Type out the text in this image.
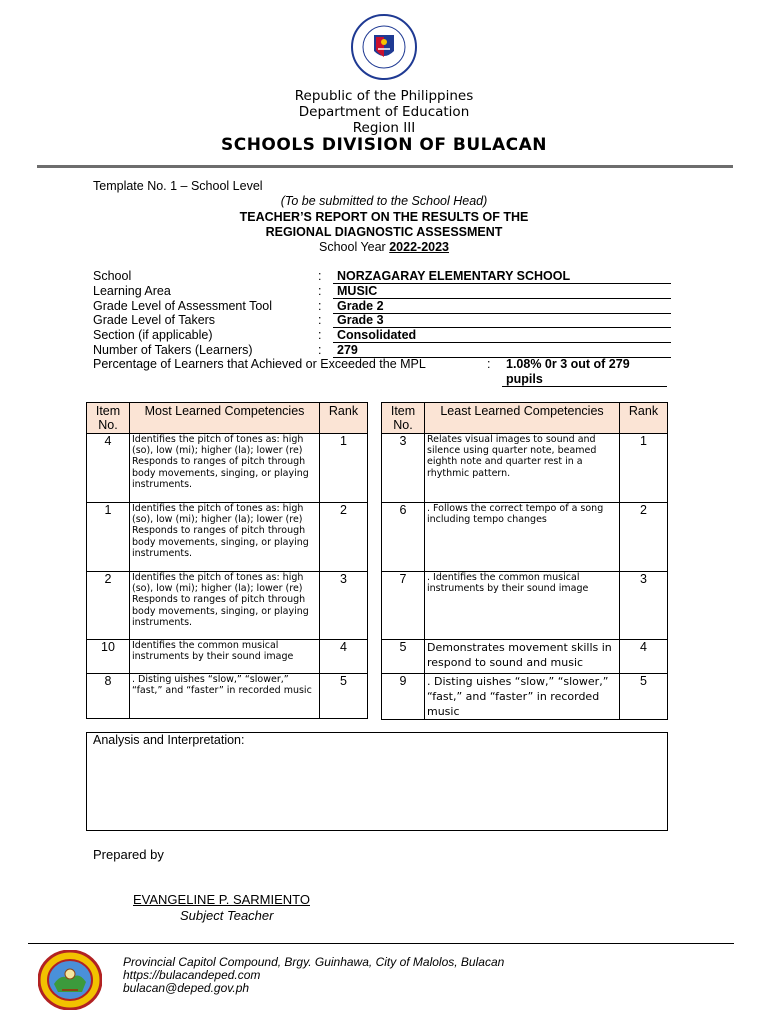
Republic of the Philippines
Department of Education
Region III
SCHOOLS DIVISION OF BULACAN
Template No. 1 – School Level
(To be submitted to the School Head)
TEACHER’S REPORT ON THE RESULTS OF THE
REGIONAL DIAGNOSTIC ASSESSMENT
School Year 2022-2023
School	:	NORZAGARAY ELEMENTARY SCHOOL
Learning Area	:	MUSIC
Grade Level of Assessment Tool	:	Grade 2
Grade Level of Takers	:	Grade 3
Section (if applicable)	:	Consolidated
Number of Takers (Learners)	:	279
Percentage of Learners that Achieved or Exceeded the MPL	:	1.08% 0r 3 out of 279
pupils
Item No.	Most Learned Competencies	Rank
4	Identifies the pitch of tones as: high (so), low (mi); higher (la); lower (re)
Responds to ranges of pitch through body movements, singing, or playing instruments.	1
1	Identifies the pitch of tones as: high (so), low (mi); higher (la); lower (re)
Responds to ranges of pitch through body movements, singing, or playing instruments.	2
2	Identifies the pitch of tones as: high (so), low (mi); higher (la); lower (re)
Responds to ranges of pitch through body movements, singing, or playing instruments.	3
10	Identifies the common musical instruments by their sound image	4
8	. Disting uishes “slow,” “slower,” “fast,” and “faster” in recorded music	5
Item No.	Least Learned Competencies	Rank
3	Relates visual images to sound and silence using quarter note, beamed eighth note and quarter rest in a rhythmic pattern.	1
6	. Follows the correct tempo of a song including tempo changes	2
7	. Identifies the common musical instruments by their sound image	3
5	Demonstrates movement skills in respond to sound and music	4
9	. Disting uishes “slow,” “slower,” “fast,” and “faster” in recorded music	5
Analysis and Interpretation:
Prepared by
EVANGELINE P. SARMIENTO
Subject Teacher
Provincial Capitol Compound, Brgy. Guinhawa, City of Malolos, Bulacan
https://bulacandeped.com
bulacan@deped.gov.ph
